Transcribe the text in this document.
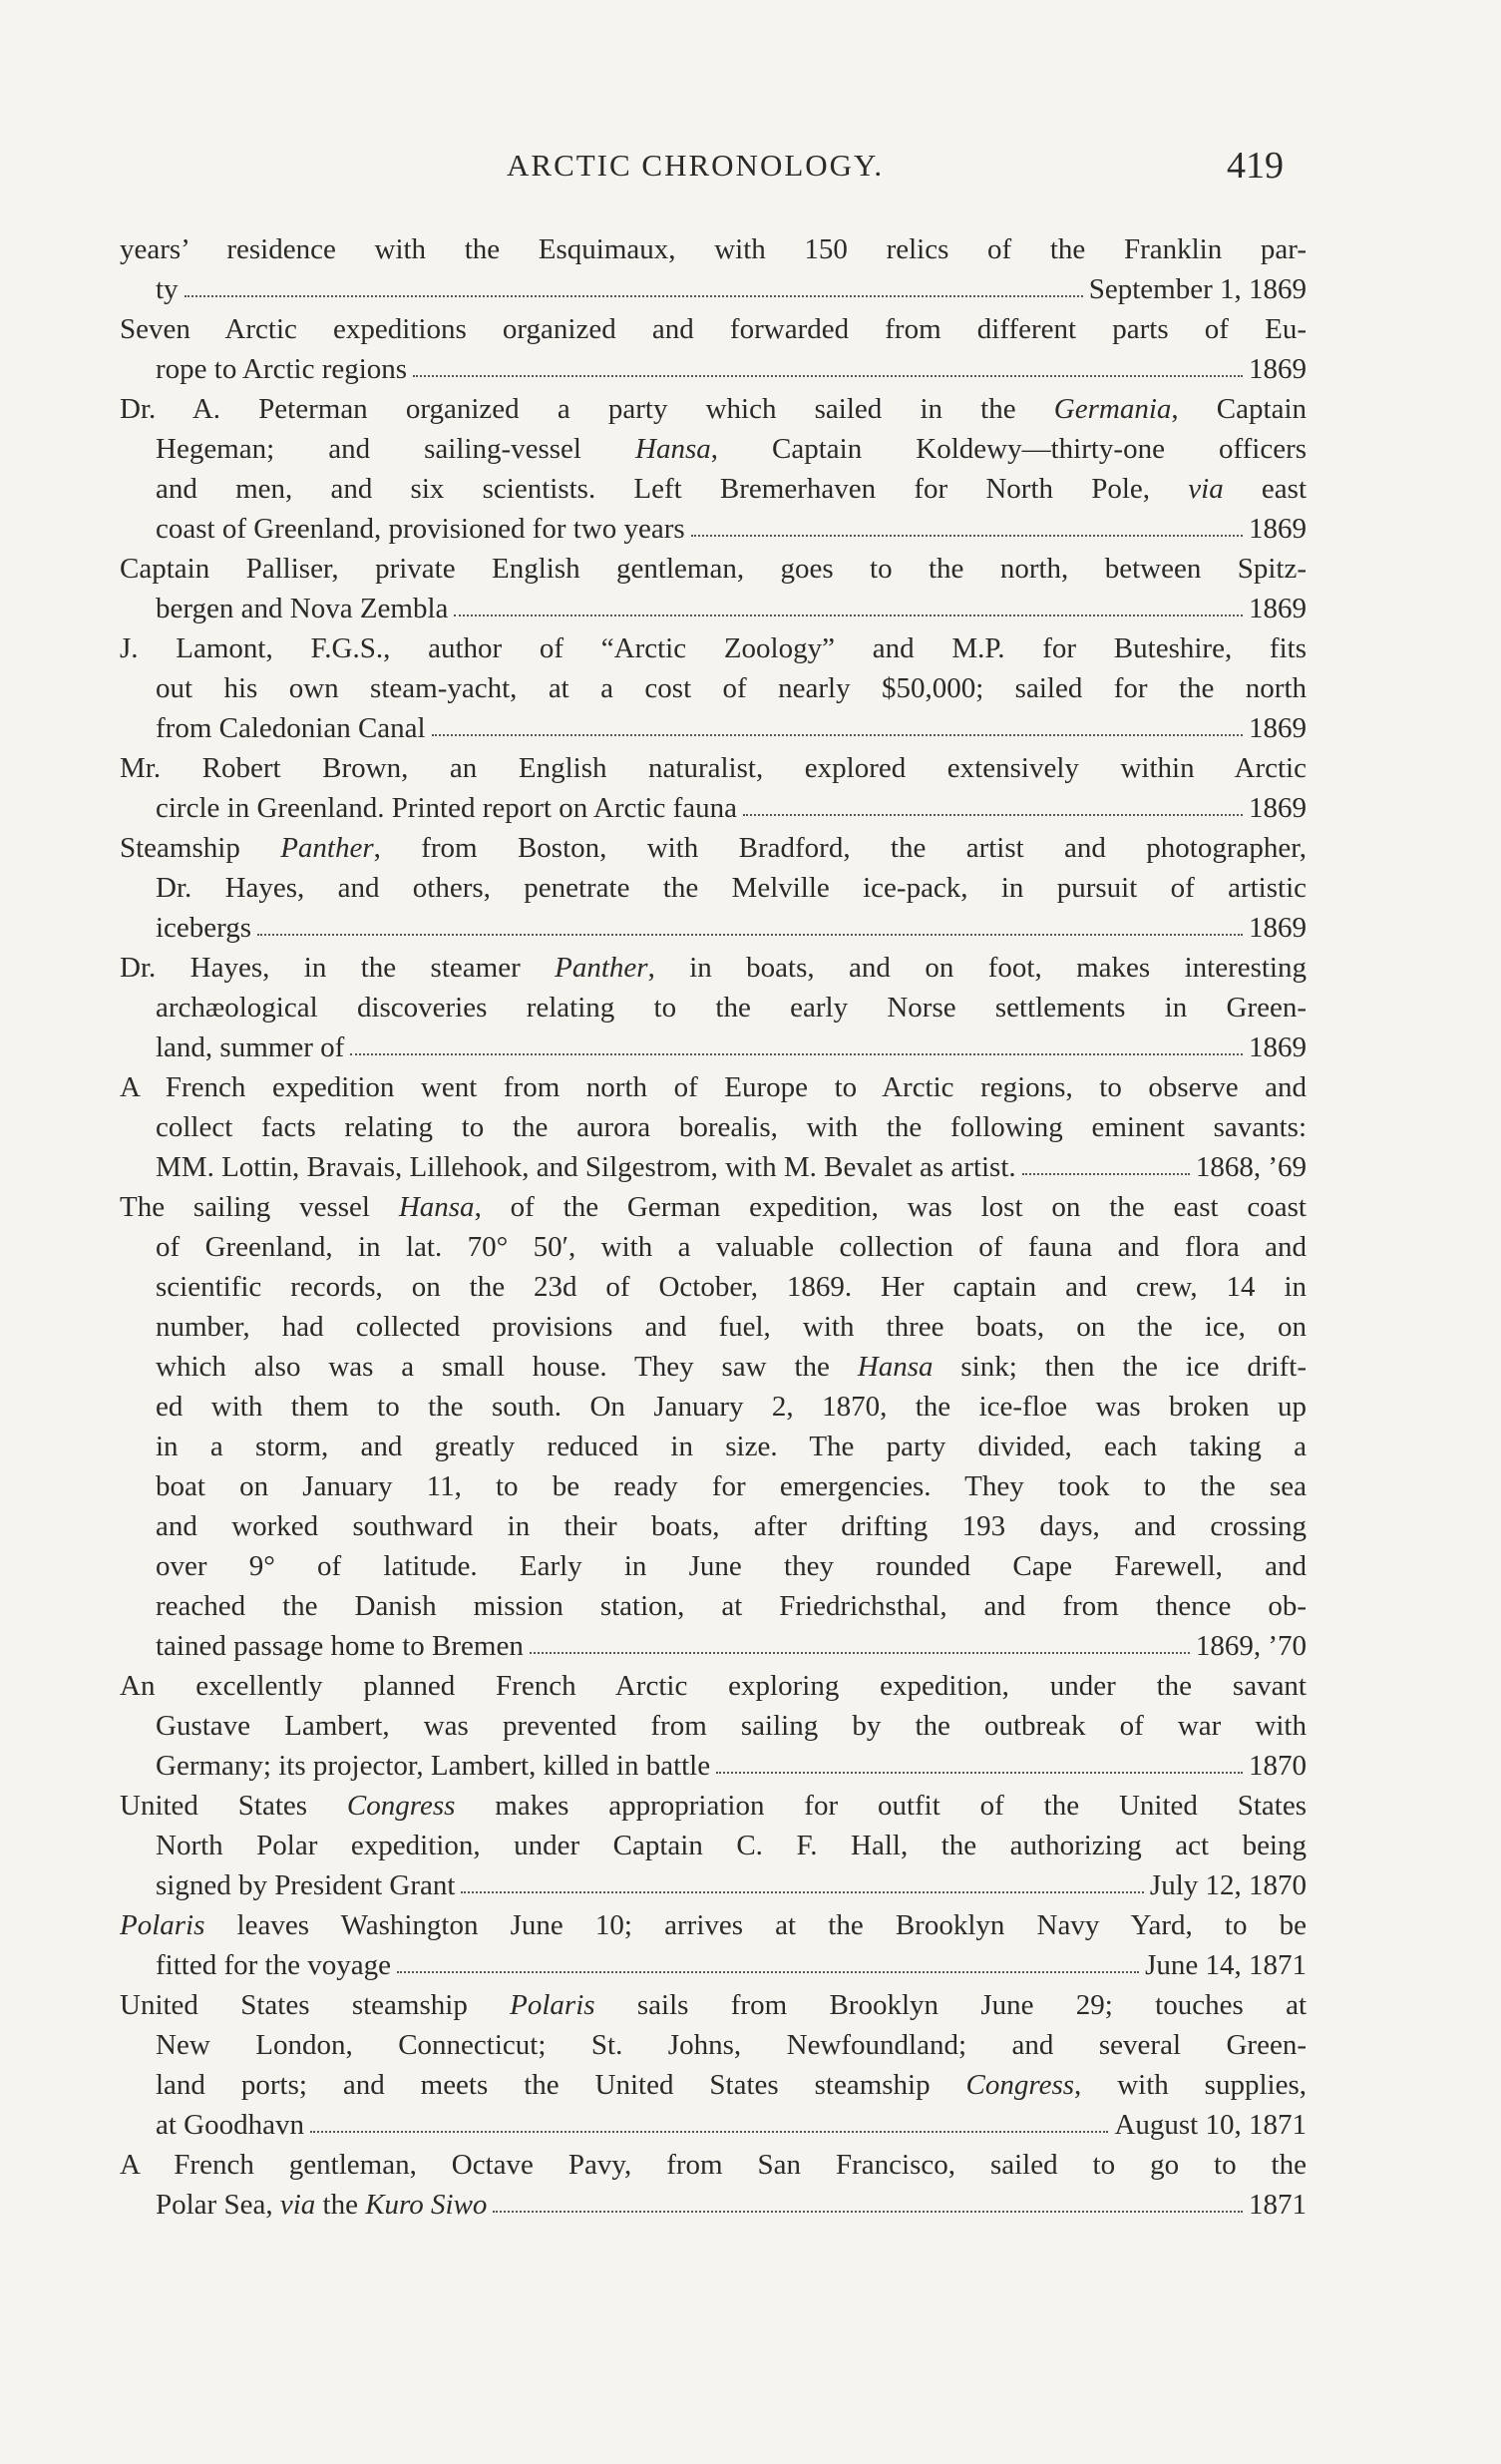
ARCTIC CHRONOLOGY.	419
years’ residence with the Esquimaux, with 150 relics of the Franklin par-
ty	September 1, 1869
Seven Arctic expeditions organized and forwarded from different parts of Eu-
rope to Arctic regions	1869
Dr. A. Peterman organized a party which sailed in the Germania, Captain
Hegeman; and sailing-vessel Hansa, Captain Koldewy—thirty-one officers
and men, and six scientists. Left Bremerhaven for North Pole, via east
coast of Greenland, provisioned for two years	1869
Captain Palliser, private English gentleman, goes to the north, between Spitz-
bergen and Nova Zembla	1869
J. Lamont, F.G.S., author of “Arctic Zoology” and M.P. for Buteshire, fits
out his own steam-yacht, at a cost of nearly $50,000; sailed for the north
from Caledonian Canal	1869
Mr. Robert Brown, an English naturalist, explored extensively within Arctic
circle in Greenland. Printed report on Arctic fauna	1869
Steamship Panther, from Boston, with Bradford, the artist and photographer,
Dr. Hayes, and others, penetrate the Melville ice-pack, in pursuit of artistic
icebergs	1869
Dr. Hayes, in the steamer Panther, in boats, and on foot, makes interesting
archæological discoveries relating to the early Norse settlements in Green-
land, summer of	1869
A French expedition went from north of Europe to Arctic regions, to observe and
collect facts relating to the aurora borealis, with the following eminent savants:
MM. Lottin, Bravais, Lillehook, and Silgestrom, with M. Bevalet as artist.	1868, ’69
The sailing vessel Hansa, of the German expedition, was lost on the east coast
of Greenland, in lat. 70° 50′, with a valuable collection of fauna and flora and
scientific records, on the 23d of October, 1869. Her captain and crew, 14 in
number, had collected provisions and fuel, with three boats, on the ice, on
which also was a small house. They saw the Hansa sink; then the ice drift-
ed with them to the south. On January 2, 1870, the ice-floe was broken up
in a storm, and greatly reduced in size. The party divided, each taking a
boat on January 11, to be ready for emergencies. They took to the sea
and worked southward in their boats, after drifting 193 days, and crossing
over 9° of latitude. Early in June they rounded Cape Farewell, and
reached the Danish mission station, at Friedrichsthal, and from thence ob-
tained passage home to Bremen	1869, ’70
An excellently planned French Arctic exploring expedition, under the savant
Gustave Lambert, was prevented from sailing by the outbreak of war with
Germany; its projector, Lambert, killed in battle	1870
United States Congress makes appropriation for outfit of the United States
North Polar expedition, under Captain C. F. Hall, the authorizing act being
signed by President Grant	July 12, 1870
Polaris leaves Washington June 10; arrives at the Brooklyn Navy Yard, to be
fitted for the voyage	June 14, 1871
United States steamship Polaris sails from Brooklyn June 29; touches at
New London, Connecticut; St. Johns, Newfoundland; and several Green-
land ports; and meets the United States steamship Congress, with supplies,
at Goodhavn	August 10, 1871
A French gentleman, Octave Pavy, from San Francisco, sailed to go to the
Polar Sea, via the Kuro Siwo	1871
